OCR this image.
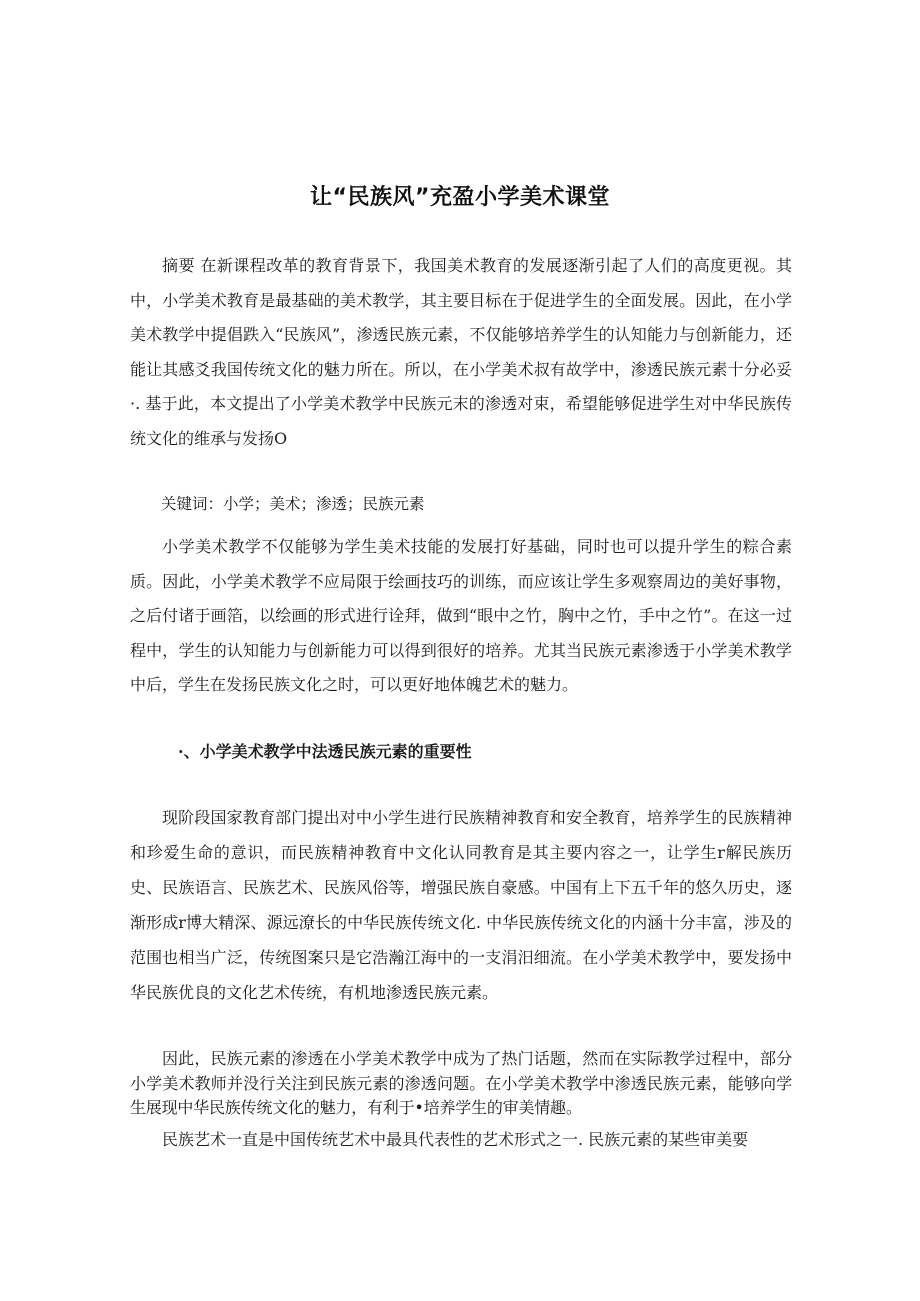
让“民族风”充盈小学美术课堂

摘要 在新课程改革的教育背景下，我国美术教育的发展逐渐引起了人们的高度更视。其中，小学美术教育是最基础的美术教学，其主要目标在于促进学生的全面发展。因此，在小学美术教学中提倡跌入“民族风”，渗透民族元素，不仅能够培养学生的认知能力与创新能力，还能让其感爻我国传统文化的魅力所在。所以，在小学美术叔有故学中，渗透民族元素十分必妥·. 基于此，本文提出了小学美术教学中民族元末的渗透对束，希望能够促进学生对中华民族传统文化的维承与发扬O

关键词：小学；美术；渗透；民族元素

小学美术教学不仅能够为学生美术技能的发展打好基础，同时也可以提升学生的粽合素质。因此，小学美术教学不应局限于绘画技巧的训练，而应该让学生多观察周边的美好事物，之后付诸于画箔，以绘画的形式进行诠拜，做到“眼中之竹，胸中之竹，手中之竹”。在这一过程中，学生的认知能力与创新能力可以得到很好的培养。尤其当民族元素渗透于小学美术教学中后，学生在发扬民族文化之时，可以更好地体魄艺术的魅力。

·、小学美术教学中法透民族元素的重要性

现阶段国家教育部门提出对中小学生进行民族精神教育和安全教育，培养学生的民族精神和珍爱生命的意识，而民族精神教育中文化认同教育是其主要内容之一，让学生r解民族历史、民族语言、民族艺术、民族风俗等，增强民族自豪感。中国有上下五千年的悠久历史，逐渐形成r博大精深、源远潦长的中华民族传统文化. 中华民族传统文化的内涵十分丰富，涉及的范围也相当广泛，传统图案只是它浩瀚江海中的一支涓汨细流。在小学美术教学中，要发扬中华民族优良的文化艺术传统，有机地渗透民族元素。

因此，民族元素的渗透在小学美术教学中成为了热门话题，然而在实际教学过程中，部分小学美术教师并没行关注到民族元素的渗透问题。在小学美术教学中渗透民族元素，能够向学生展现中华民族传统文化的魅力，有利于•培养学生的审美情趣。

民族艺术一直是中国传统艺术中最具代表性的艺术形式之一. 民族元素的某些审美要
